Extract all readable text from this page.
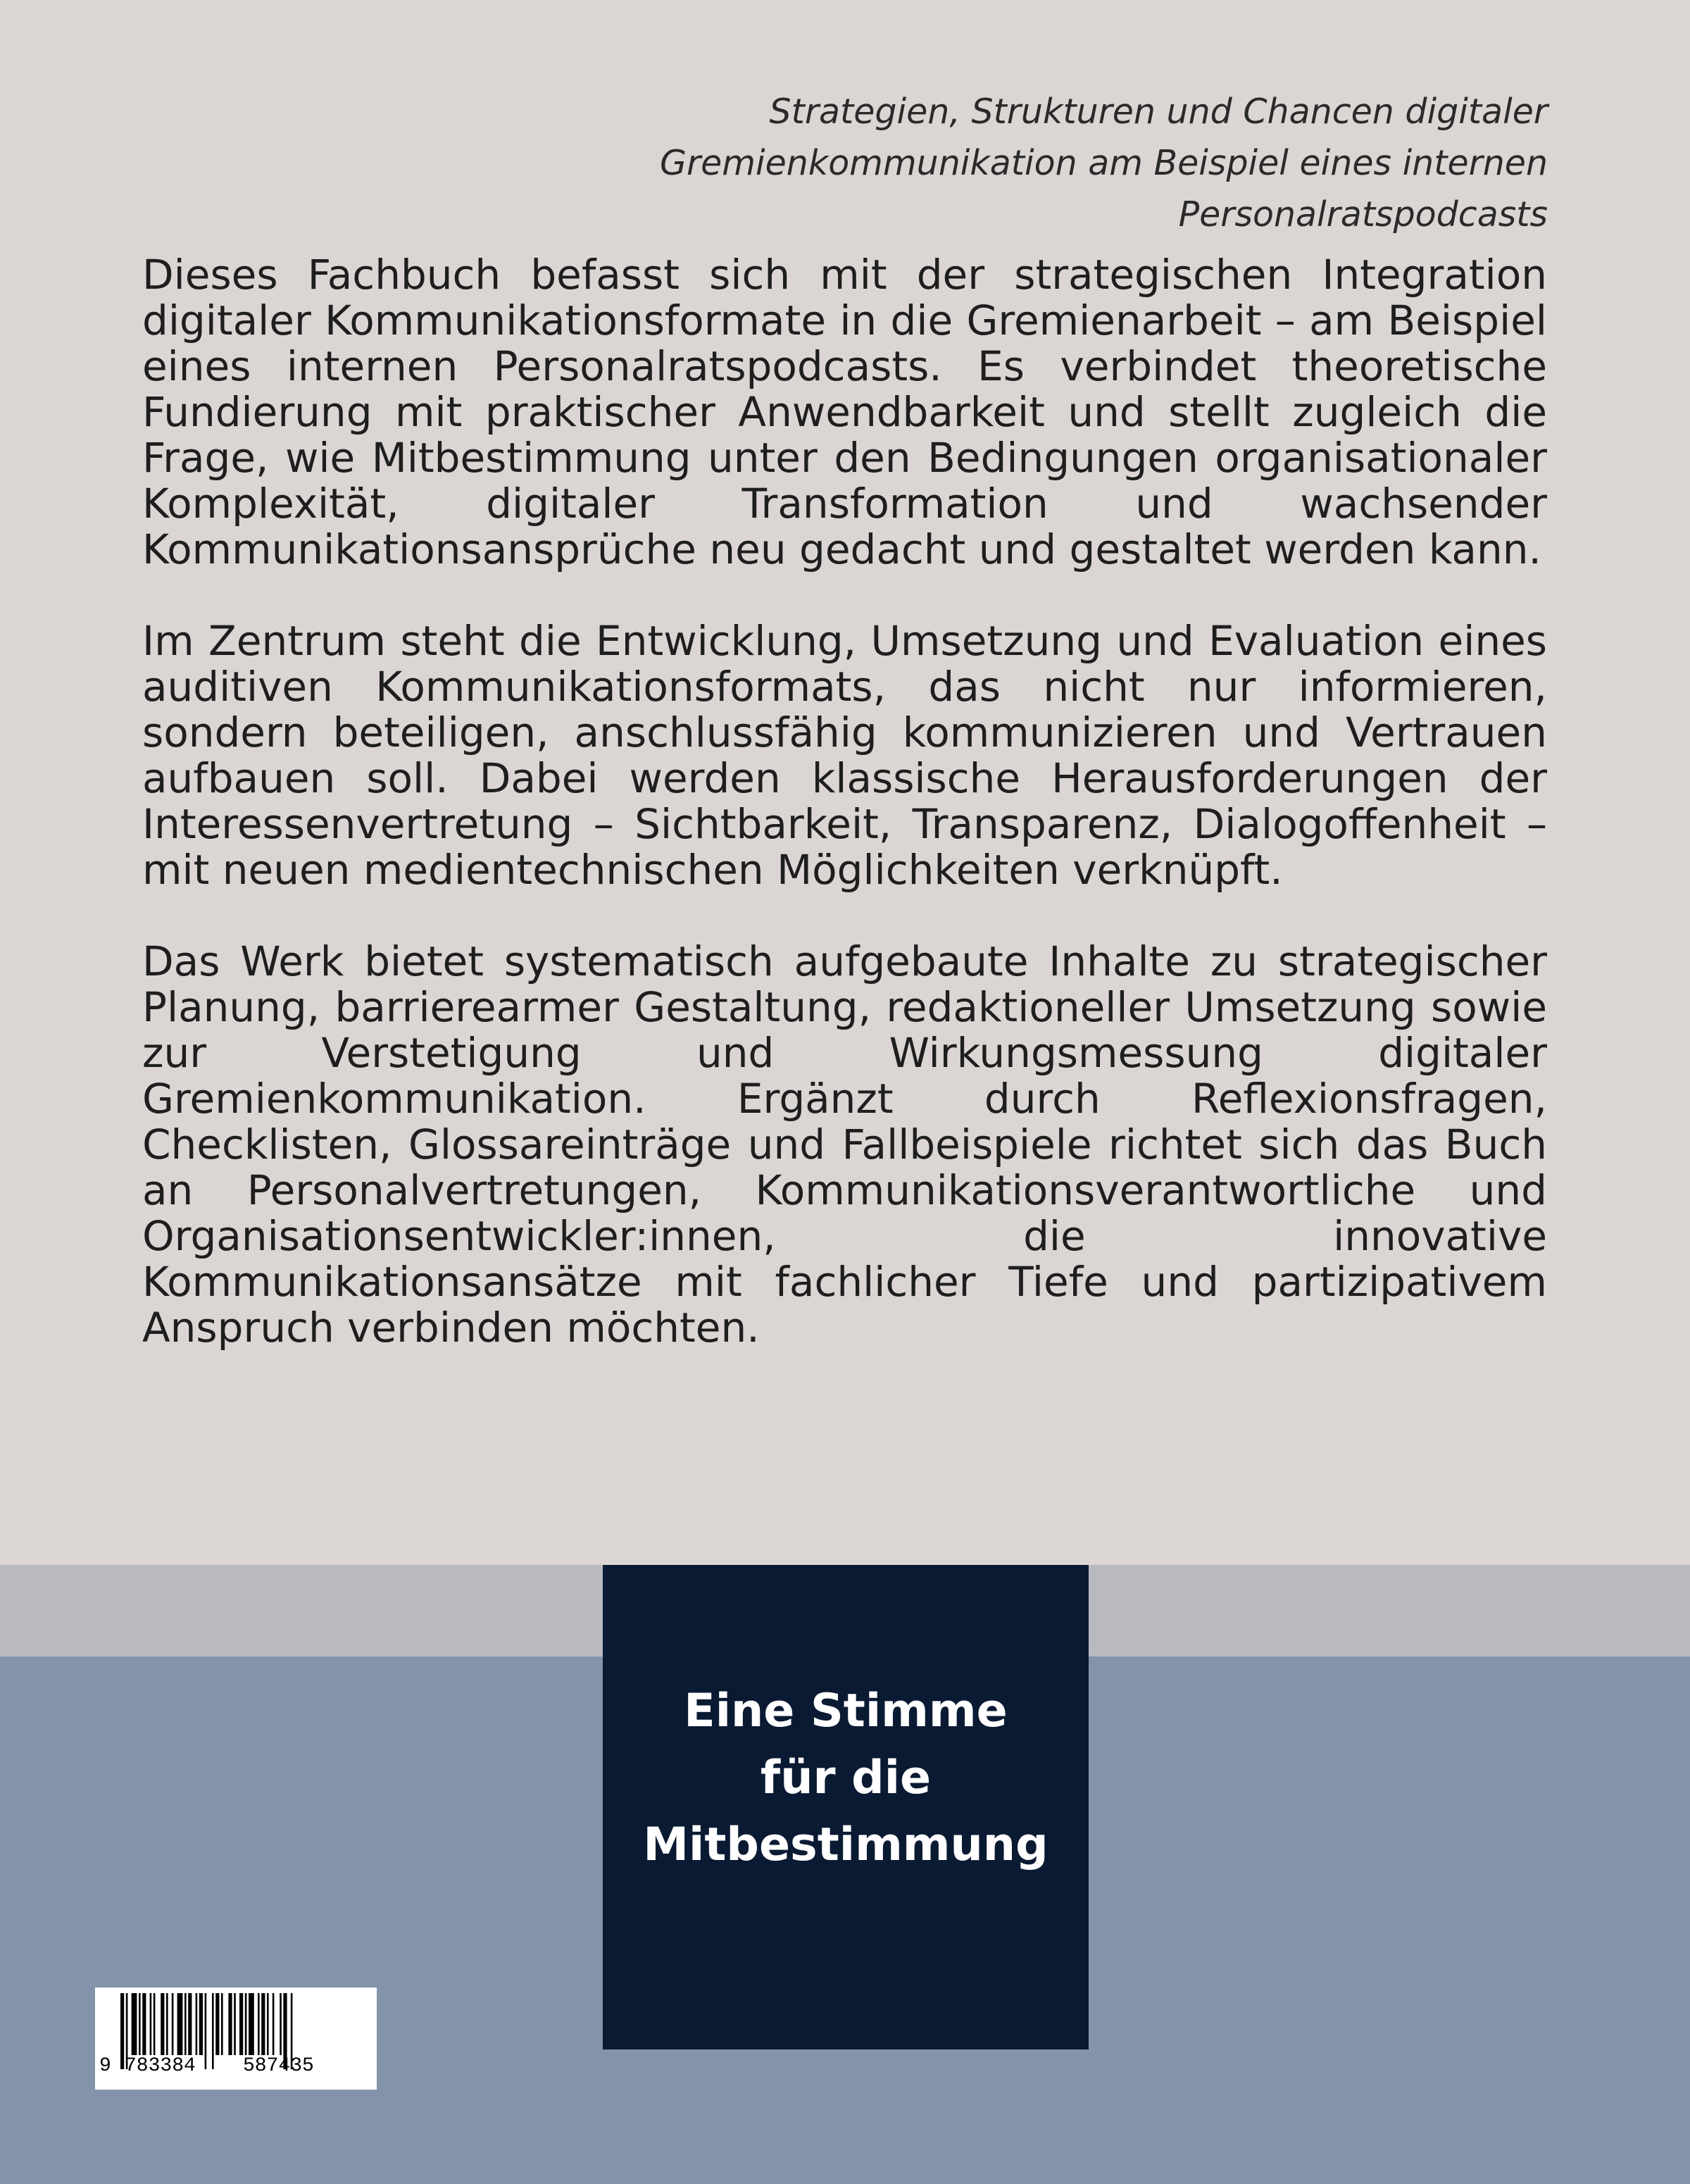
Strategien, Strukturen und Chancen digitaler
Gremienkommunikation am Beispiel eines internen
Personalratspodcasts

Dieses Fachbuch befasst sich mit der strategischen Integration digitaler Kommunikationsformate in die Gremienarbeit – am Beispiel eines internen Personalratspodcasts. Es verbindet theoretische Fundierung mit praktischer Anwendbarkeit und stellt zugleich die Frage, wie Mitbestimmung unter den Bedingungen organisationaler Komplexität, digitaler Transformation und wachsender Kommunikationsansprüche neu gedacht und gestaltet werden kann.

Im Zentrum steht die Entwicklung, Umsetzung und Evaluation eines auditiven Kommunikationsformats, das nicht nur informieren, sondern beteiligen, anschlussfähig kommunizieren und Vertrauen aufbauen soll. Dabei werden klassische Herausforderungen der Interessenvertretung – Sichtbarkeit, Transparenz, Dialogoffenheit – mit neuen medientechnischen Möglichkeiten verknüpft.

Das Werk bietet systematisch aufgebaute Inhalte zu strategischer Planung, barrierearmer Gestaltung, redaktioneller Umsetzung sowie zur Verstetigung und Wirkungsmessung digitaler Gremienkommunikation. Ergänzt durch Reflexionsfragen, Checklisten, Glossareinträge und Fallbeispiele richtet sich das Buch an Personalvertretungen, Kommunikationsverantwortliche und Organisationsentwickler:innen, die innovative Kommunikationsansätze mit fachlicher Tiefe und partizipativem Anspruch verbinden möchten.

Eine Stimme
für die
Mitbestimmung
9 783384 587435
